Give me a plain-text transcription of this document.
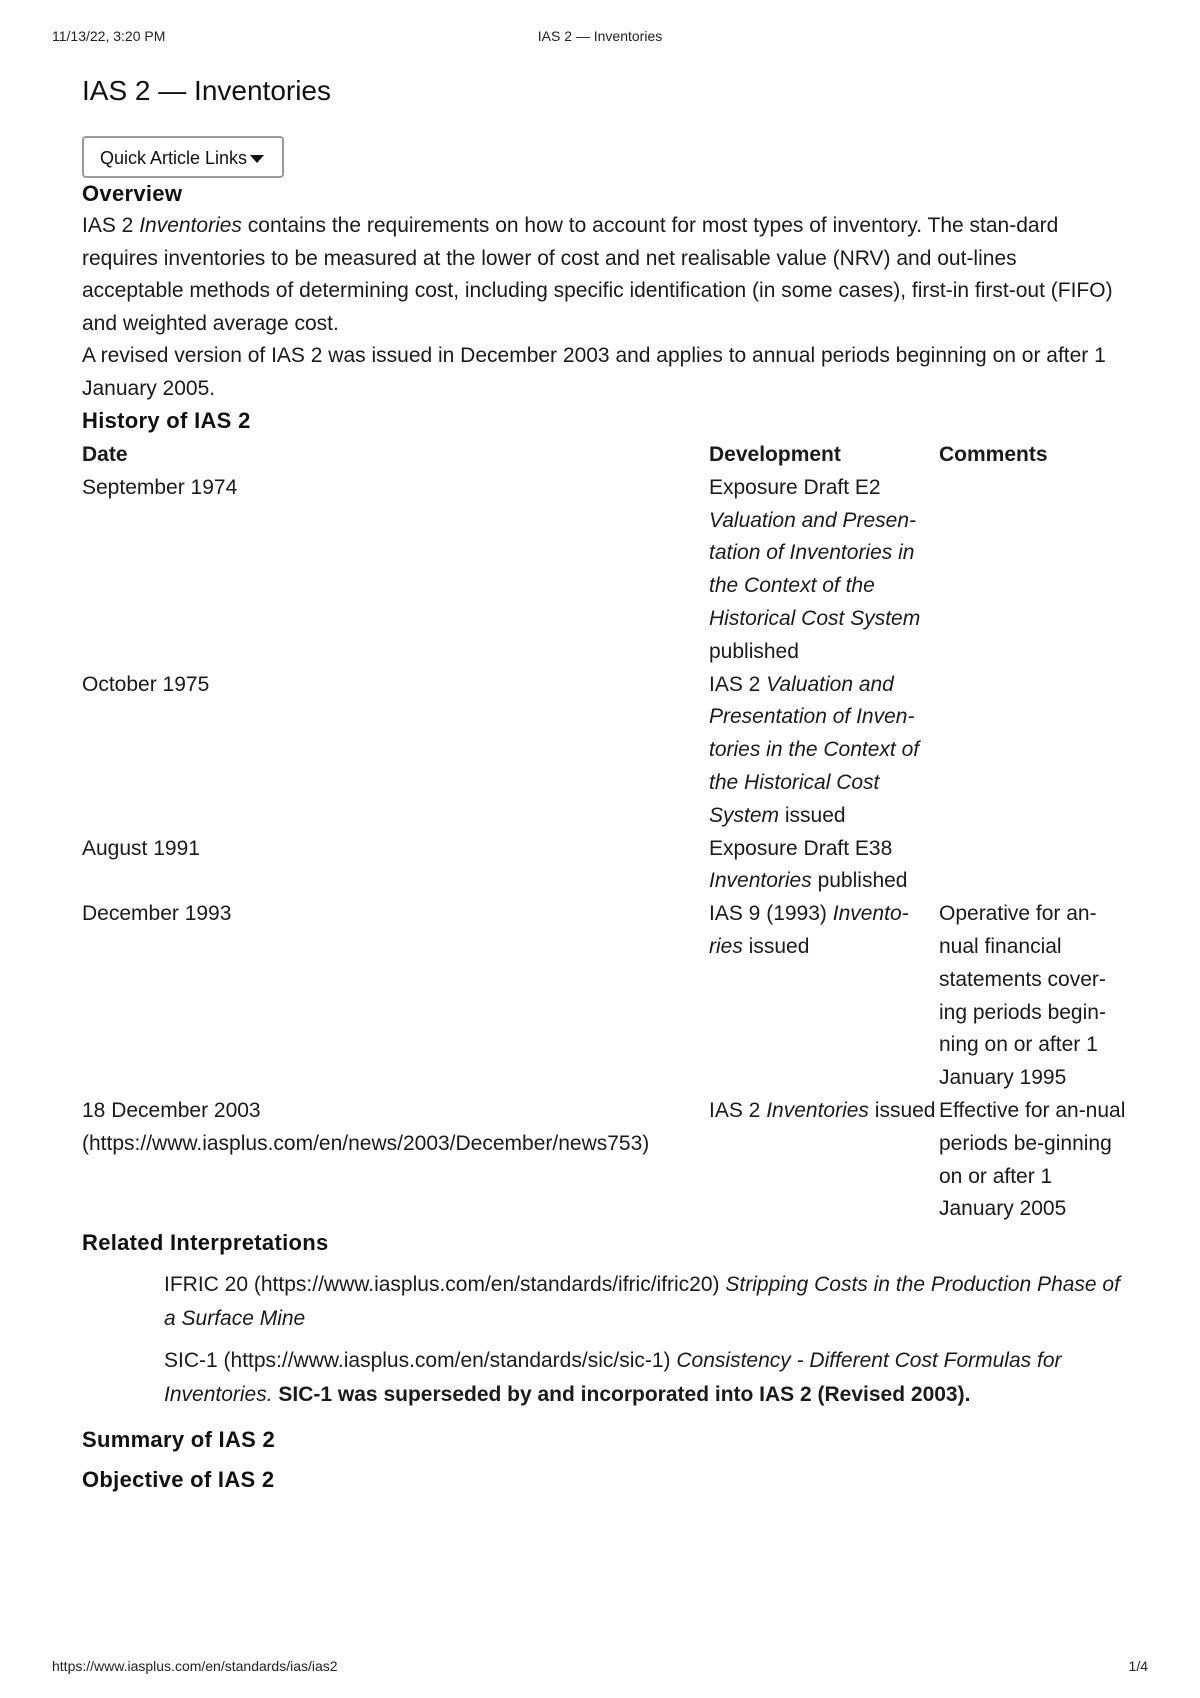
11/13/22, 3:20 PM	IAS 2 — Inventories
IAS 2 — Inventories
Quick Article Links
Overview

IAS 2 Inventories contains the requirements on how to account for most types of inventory. The stan-dard requires inventories to be measured at the lower of cost and net realisable value (NRV) and out-lines acceptable methods of determining cost, including specific identification (in some cases), first-in first-out (FIFO) and weighted average cost.

A revised version of IAS 2 was issued in December 2003 and applies to annual periods beginning on or after 1 January 2005.

History of IAS 2
Date	Development	Comments
September 1974	Exposure Draft E2 Valuation and Presen-tation of Inventories in the Context of the Historical Cost System published	
October 1975	IAS 2 Valuation and Presentation of Inven-tories in the Context of the Historical Cost System issued	
August 1991	Exposure Draft E38 Inventories published	
December 1993	IAS 9 (1993) Invento-ries issued	Operative for an-nual financial statements cover-ing periods begin-ning on or after 1 January 1995
18 December 2003
(https://www.iasplus.com/en/news/2003/December/news753)	IAS 2 Inventories issued	Effective for an-nual periods be-ginning on or after 1 January 2005
Related Interpretations
IFRIC 20 (https://www.iasplus.com/en/standards/ifric/ifric20) Stripping Costs in the Production Phase of a Surface Mine
SIC-1 (https://www.iasplus.com/en/standards/sic/sic-1) Consistency - Different Cost Formulas for Inventories. SIC-1 was superseded by and incorporated into IAS 2 (Revised 2003).
Summary of IAS 2
Objective of IAS 2
https://www.iasplus.com/en/standards/ias/ias2	1/4
